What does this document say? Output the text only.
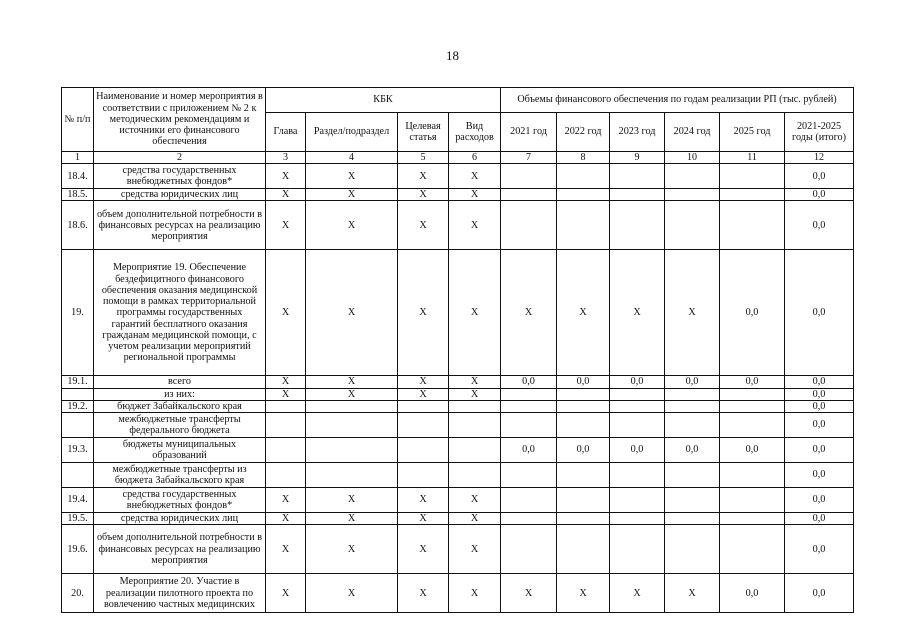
18
№ п/п	Наименование и номер мероприятия в соответствии с приложением № 2 к методическим рекомендациям и источники его финансового обеспечения	КБК				Объемы финансового обеспечения по годам реализации РП (тыс. рублей)					
		Глава	Раздел/подраздел	Целевая статья	Вид расходов	2021 год	2022 год	2023 год	2024 год	2025 год	2021-2025 годы (итого)
1	2	3	4	5	6	7	8	9	10	11	12
18.4.	средства государственных внебюджетных фондов*	X	X	X	X						0,0
18.5.	средства юридических лиц	X	X	X	X						0,0
18.6.	объем дополнительной потребности в финансовых ресурсах на реализацию мероприятия	X	X	X	X						0,0
19.	Мероприятие 19. Обеспечение бездефицитного финансового обеспечения оказания медицинской помощи в рамках территориальной программы государственных гарантий бесплатного оказания гражданам медицинской помощи, с учетом реализации мероприятий региональной программы	X	X	X	X	X	X	X	X	0,0	0,0
19.1.	всего	X	X	X	X	0,0	0,0	0,0	0,0	0,0	0,0
	из них:	X	X	X	X						0,0
19.2.	бюджет Забайкальского края										0,0
	межбюджетные трансферты федерального бюджета										0,0
19.3.	бюджеты муниципальных образований					0,0	0,0	0,0	0,0	0,0	0,0
	межбюджетные трансферты из бюджета Забайкальского края										0,0
19.4.	средства государственных внебюджетных фондов*	X	X	X	X						0,0
19.5.	средства юридических лиц	X	X	X	X						0,0
19.6.	объем дополнительной потребности в финансовых ресурсах на реализацию мероприятия	X	X	X	X						0,0
20.	Мероприятие 20. Участие в реализации пилотного проекта по вовлечению частных медицинских	X	X	X	X	X	X	X	X	0,0	0,0
